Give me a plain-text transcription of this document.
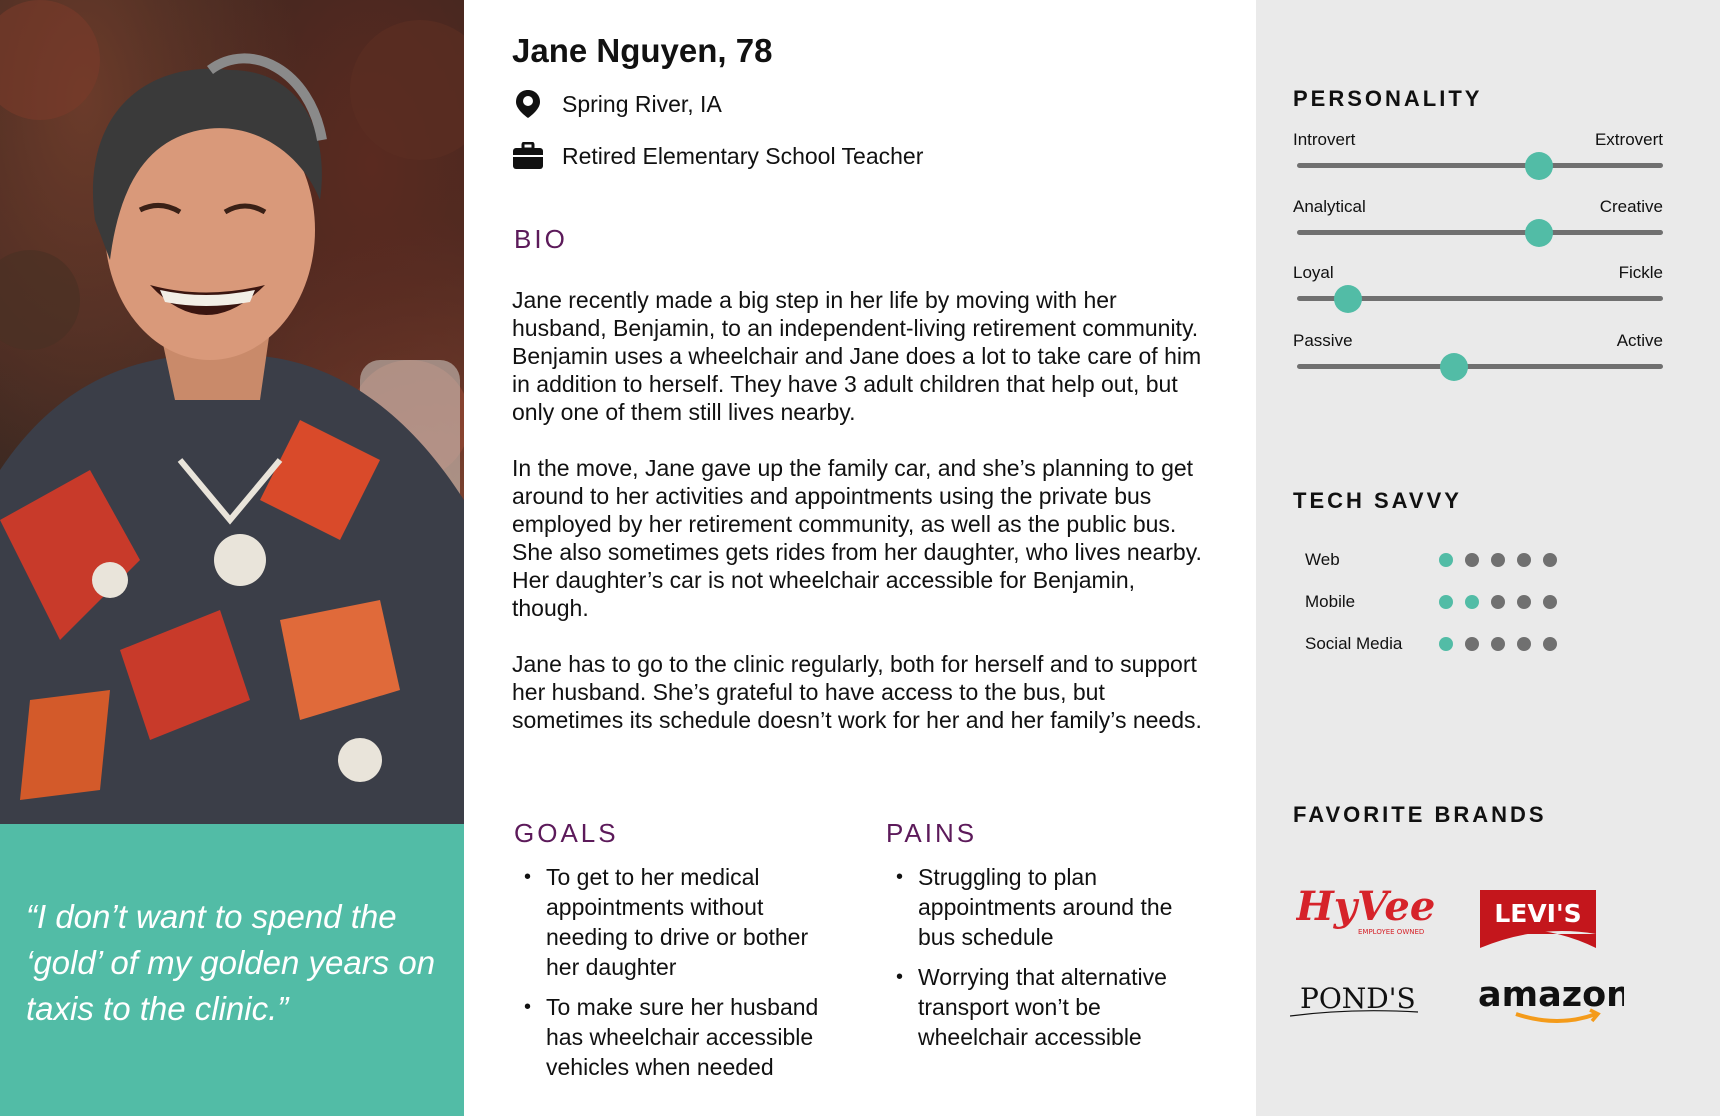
“I don’t want to spend the ‘gold’ of my golden years on taxis to the clinic.”

Jane Nguyen, 78
Spring River, IA
Retired Elementary School Teacher
BIO

Jane recently made a big step in her life by moving with her husband, Benjamin, to an independent-living retirement community. Benjamin uses a wheelchair and Jane does a lot to take care of him in addition to herself. They have 3 adult children that help out, but only one of them still lives nearby.

In the move, Jane gave up the family car, and she’s planning to get around to her activities and appointments using the private bus employed by her retirement community, as well as the public bus. She also sometimes gets rides from her daughter, who lives nearby. Her daughter’s car is not wheelchair accessible for Benjamin, though.

Jane has to go to the clinic regularly, both for herself and to support her husband. She’s grateful to have access to the bus, but sometimes its schedule doesn’t work for her and her family’s needs.

GOALS
• To get to her medical appointments without needing to drive or bother her daughter
• To make sure her husband has wheelchair accessible vehicles when needed
PAINS
• Struggling to plan appointments around the bus schedule
• Worrying that alternative transport won’t be wheelchair accessible
PERSONALITY
Introvert	Extrovert
Analytical	Creative
Loyal	Fickle
Passive	Active
TECH SAVVY
Web
Mobile
Social Media
FAVORITE BRANDS
HyVee
EMPLOYEE OWNED
LEVI'S
POND'S amazon
